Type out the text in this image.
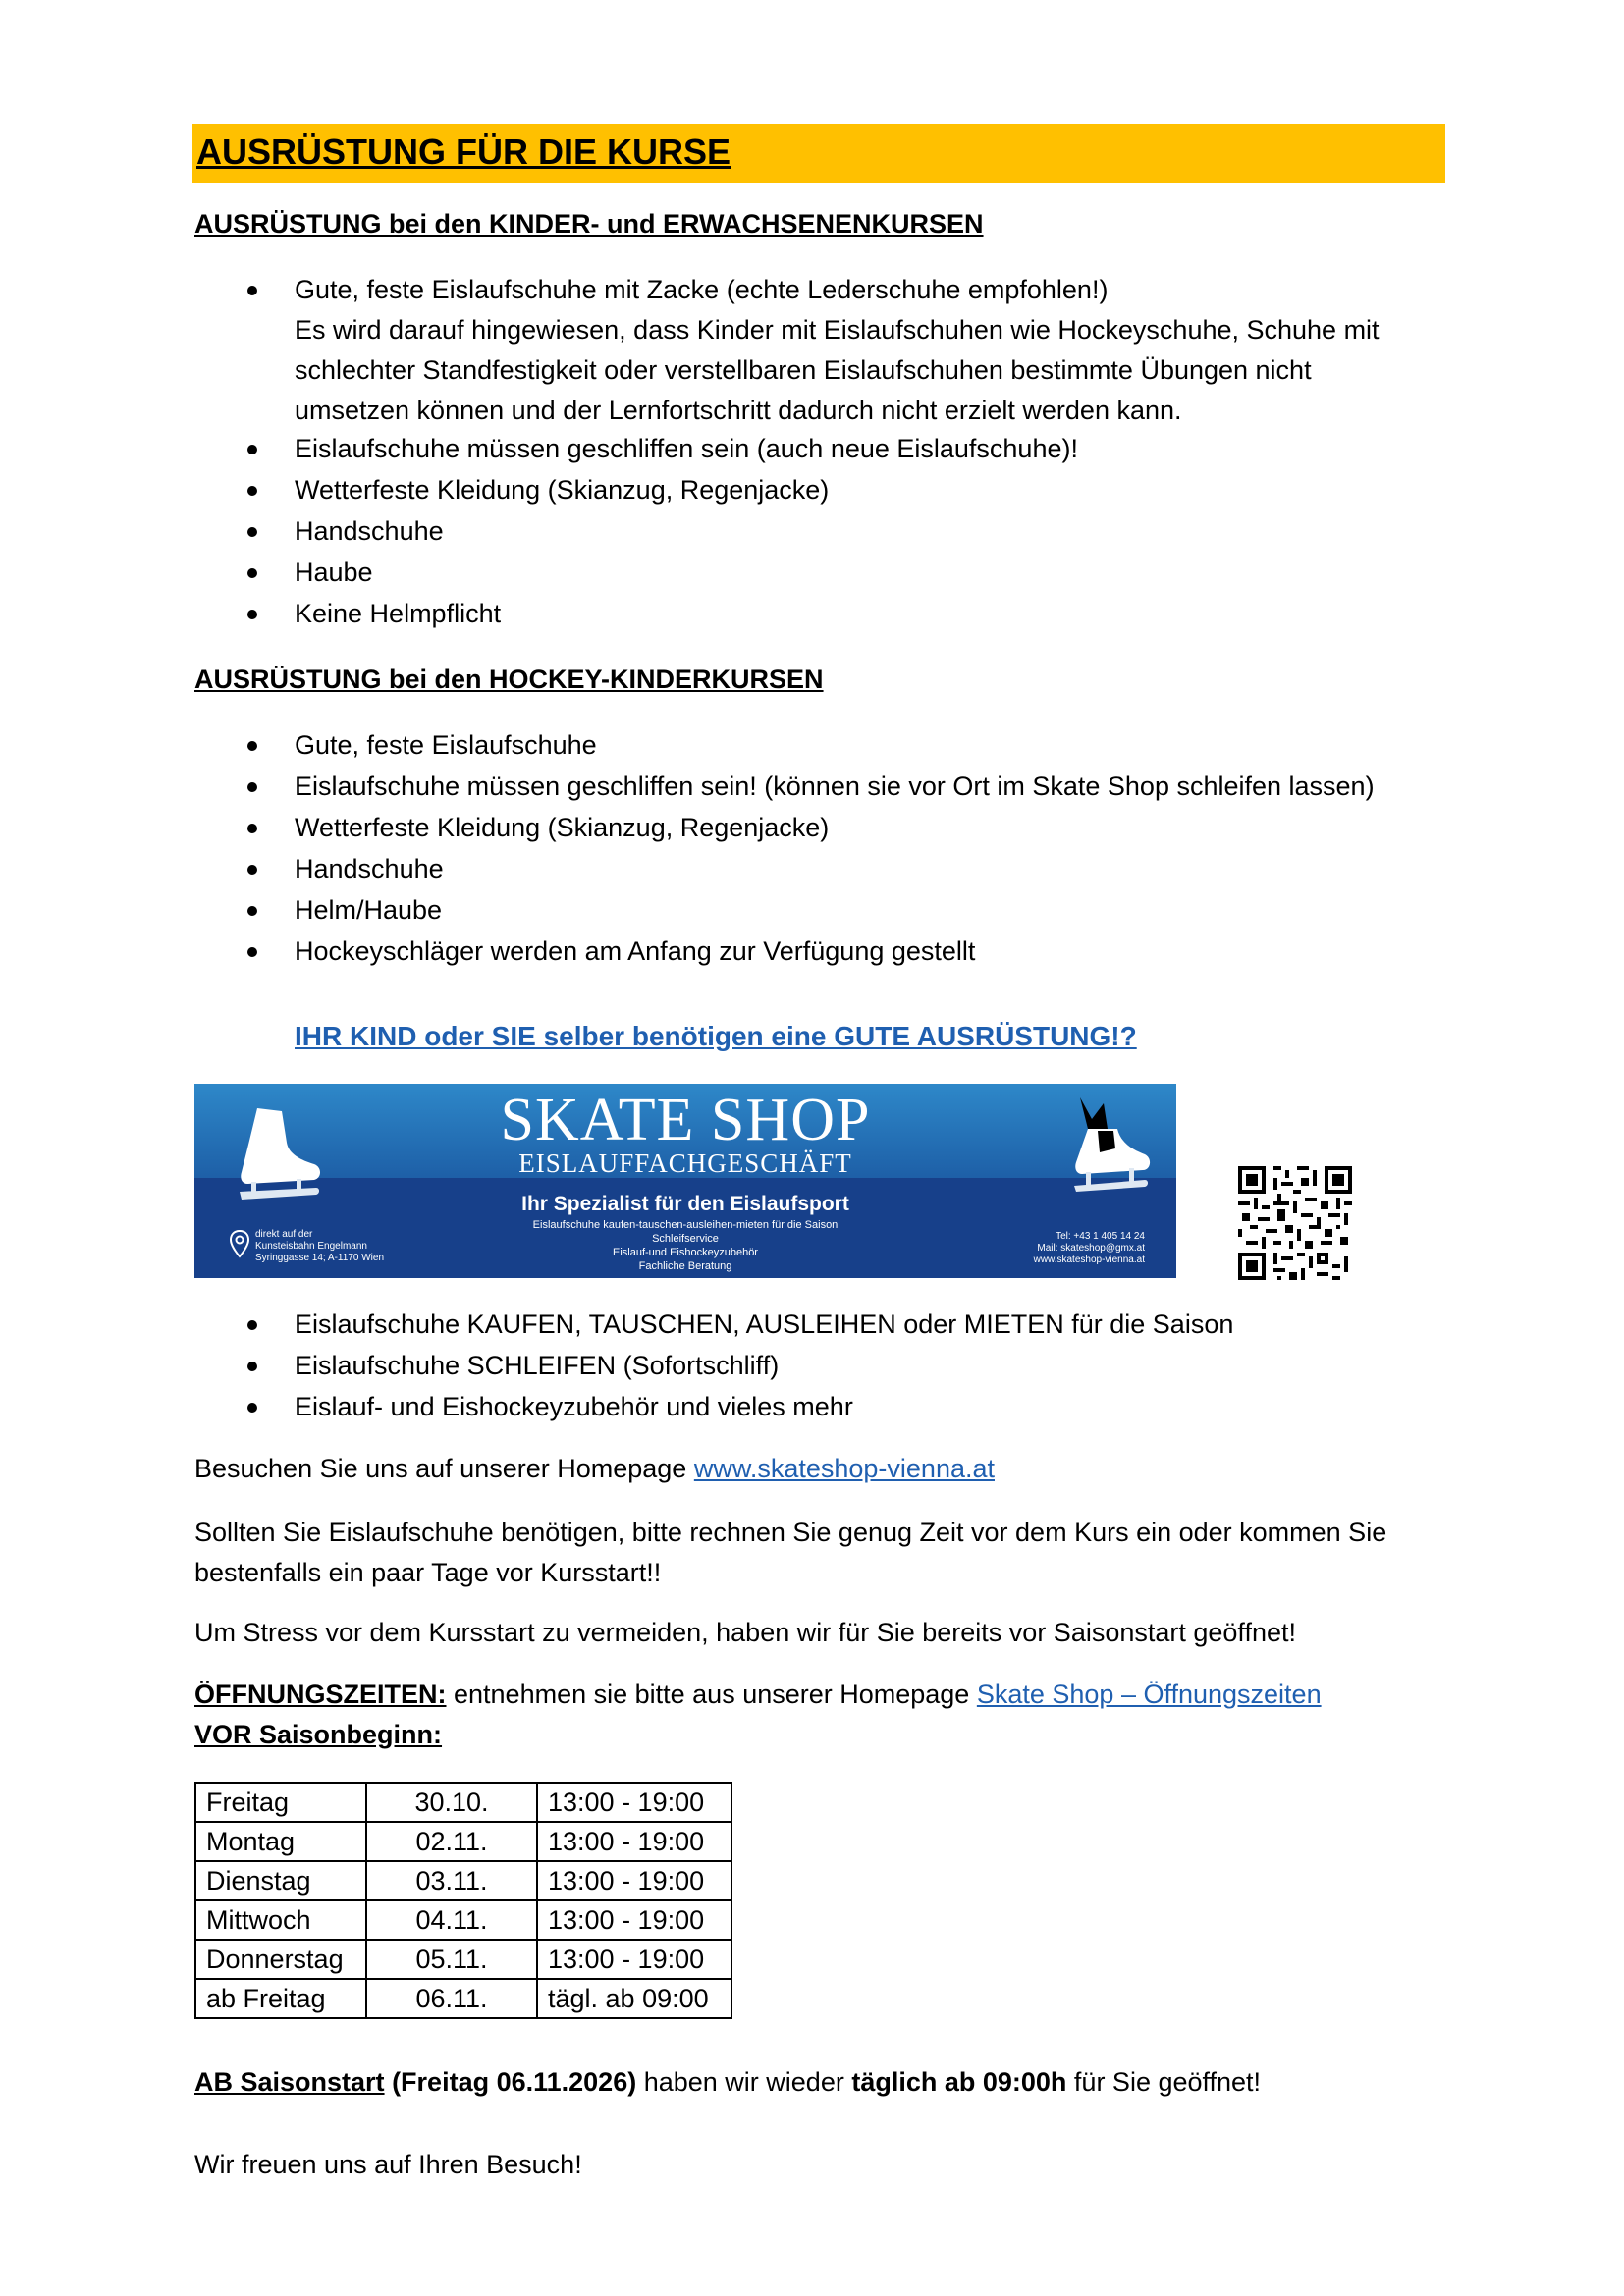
AUSRÜSTUNG FÜR DIE KURSE
AUSRÜSTUNG bei den KINDER- und ERWACHSENENKURSEN
Gute, feste Eislaufschuhe mit Zacke (echte Lederschuhe empfohlen!)
Es wird darauf hingewiesen, dass Kinder mit Eislaufschuhen wie Hockeyschuhe, Schuhe mit
schlechter Standfestigkeit oder verstellbaren Eislaufschuhen bestimmte Übungen nicht
umsetzen können und der Lernfortschritt dadurch nicht erzielt werden kann.
Eislaufschuhe müssen geschliffen sein (auch neue Eislaufschuhe)!
Wetterfeste Kleidung (Skianzug, Regenjacke)
Handschuhe
Haube
Keine Helmpflicht
AUSRÜSTUNG bei den HOCKEY-KINDERKURSEN
Gute, feste Eislaufschuhe
Eislaufschuhe müssen geschliffen sein! (können sie vor Ort im Skate Shop schleifen lassen)
Wetterfeste Kleidung (Skianzug, Regenjacke)
Handschuhe
Helm/Haube
Hockeyschläger werden am Anfang zur Verfügung gestellt
IHR KIND oder SIE selber benötigen eine GUTE AUSRÜSTUNG!?
SKATE SHOP
EISLAUFFACHGESCHÄFT
Ihr Spezialist für den Eislaufsport
Eislaufschuhe kaufen-tauschen-ausleihen-mieten für die Saison
Schleifservice
Eislauf-und Eishockeyzubehör
Fachliche Beratung
direkt auf der
Kunsteisbahn Engelmann
Syringgasse 14; A-1170 Wien
Tel: +43 1 405 14 24
Mail: skateshop@gmx.at
www.skateshop-vienna.at
Eislaufschuhe KAUFEN, TAUSCHEN, AUSLEIHEN oder MIETEN für die Saison
Eislaufschuhe SCHLEIFEN (Sofortschliff)
Eislauf- und Eishockeyzubehör und vieles mehr
Besuchen Sie uns auf unserer Homepage www.skateshop-vienna.at
Sollten Sie Eislaufschuhe benötigen, bitte rechnen Sie genug Zeit vor dem Kurs ein oder kommen Sie
bestenfalls ein paar Tage vor Kursstart!!
Um Stress vor dem Kursstart zu vermeiden, haben wir für Sie bereits vor Saisonstart geöffnet!
ÖFFNUNGSZEITEN: entnehmen sie bitte aus unserer Homepage Skate Shop – Öffnungszeiten
VOR Saisonbeginn:
Freitag	30.10.	13:00 - 19:00
Montag	02.11.	13:00 - 19:00
Dienstag	03.11.	13:00 - 19:00
Mittwoch	04.11.	13:00 - 19:00
Donnerstag	05.11.	13:00 - 19:00
ab Freitag	06.11.	tägl. ab 09:00
AB Saisonstart (Freitag 06.11.2026) haben wir wieder täglich ab 09:00h für Sie geöffnet!
Wir freuen uns auf Ihren Besuch!
